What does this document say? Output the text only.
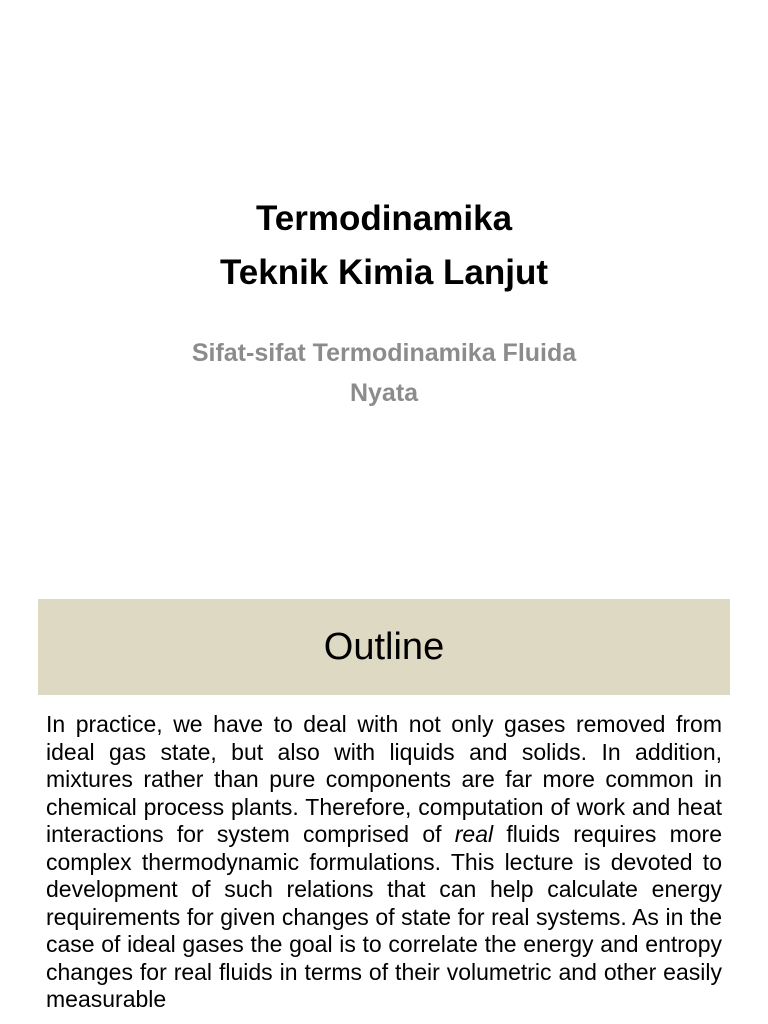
Termodinamika
Teknik Kimia Lanjut
Sifat-sifat Termodinamika Fluida
Nyata
Outline

In practice, we have to deal with not only gases removed from ideal gas state, but also with liquids and solids. In addition, mixtures rather than pure components are far more common in chemical process plants. Therefore, computation of work and heat interactions for system comprised of real fluids requires more complex thermodynamic formulations. This lecture is devoted to development of such relations that can help calculate energy requirements for given changes of state for real systems. As in the case of ideal gases the goal is to correlate the energy and entropy changes for real fluids in terms of their volumetric and other easily measurable
